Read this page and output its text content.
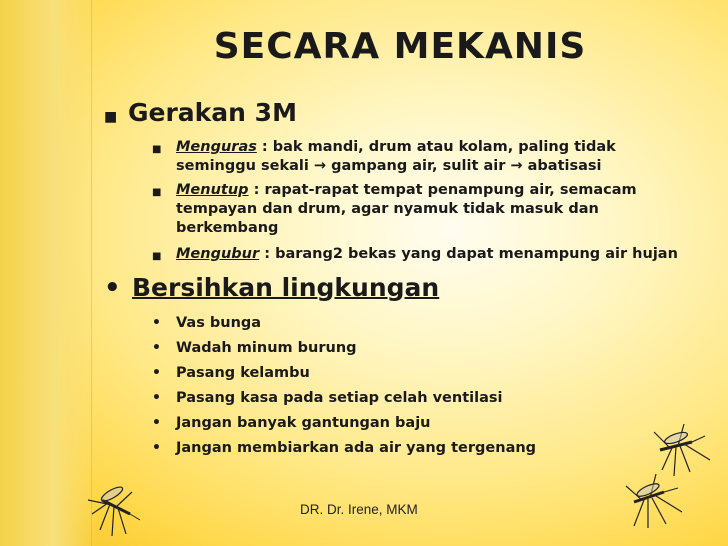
SECARA MEKANIS
■ Gerakan 3M
■	Menguras : bak mandi, drum atau kolam, paling tidak seminggu sekali → gampang air, sulit air → abatisasi
■	Menutup : rapat-rapat tempat penampung air, semacam tempayan dan drum, agar nyamuk tidak masuk dan berkembang
■	Mengubur : barang2 bekas yang dapat menampung air hujan
• Bersihkan lingkungan
•	Vas bunga
•	Wadah minum burung
•	Pasang kelambu
•	Pasang kasa pada setiap celah ventilasi
•	Jangan banyak gantungan baju
•	Jangan membiarkan ada air yang tergenang
DR. Dr. Irene, MKM
